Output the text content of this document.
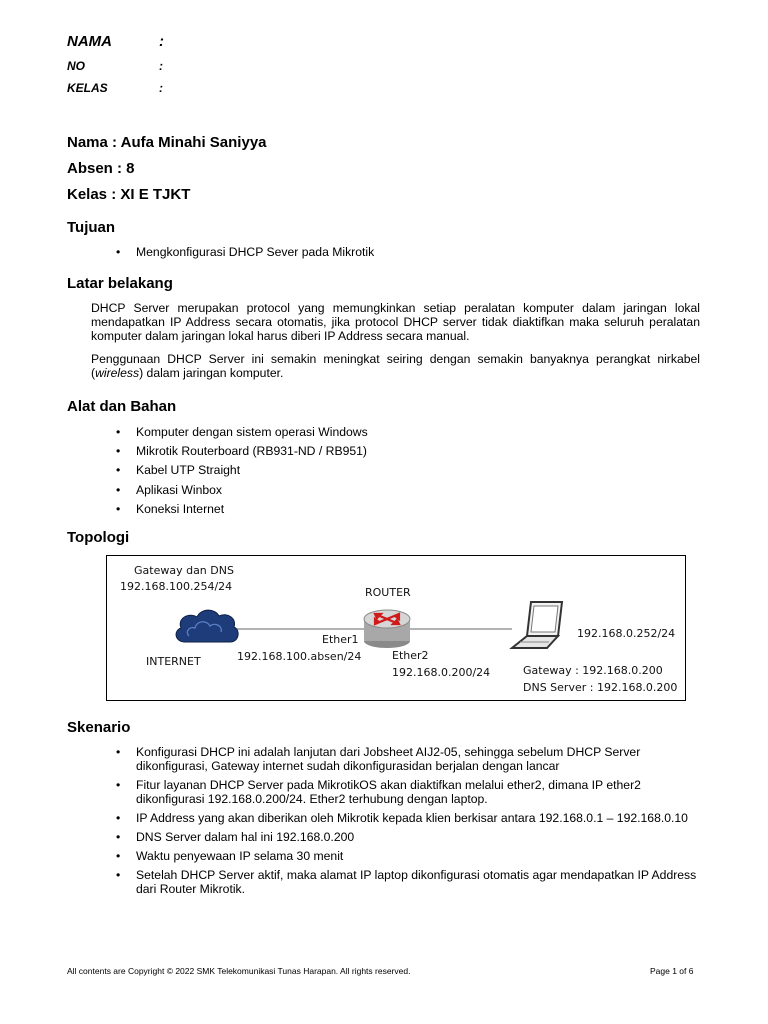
NAMA	:
NO	:
KELAS	:
Nama : Aufa Minahi Saniyya
Absen : 8
Kelas : XI E TJKT
Tujuan
• Mengkonfigurasi DHCP Sever pada Mikrotik
Latar belakang

DHCP Server merupakan protocol yang memungkinkan setiap peralatan komputer dalam jaringan lokal mendapatkan IP Address secara otomatis, jika protocol DHCP server tidak diaktifkan maka seluruh peralatan komputer dalam jaringan lokal harus diberi IP Address secara manual.

Penggunaan DHCP Server ini semakin meningkat seiring dengan semakin banyaknya perangkat nirkabel (wireless) dalam jaringan komputer.

Alat dan Bahan
• Komputer dengan sistem operasi Windows
• Mikrotik Routerboard (RB931-ND / RB951)
• Kabel UTP Straight
• Aplikasi Winbox
• Koneksi Internet
Topologi
Gateway dan DNS
192.168.100.254/24
INTERNET
ROUTER
Ether1
192.168.100.absen/24	Ether2
192.168.0.200/24
192.168.0.252/24
Gateway : 192.168.0.200
DNS Server : 192.168.0.200
Skenario
• Konfigurasi DHCP ini adalah lanjutan dari Jobsheet AIJ2-05, sehingga sebelum DHCP Server dikonfigurasi, Gateway internet sudah dikonfigurasidan berjalan dengan lancar
• Fitur layanan DHCP Server pada MikrotikOS akan diaktifkan melalui ether2, dimana IP ether2 dikonfigurasi 192.168.0.200/24. Ether2 terhubung dengan laptop.
• IP Address yang akan diberikan oleh Mikrotik kepada klien berkisar antara 192.168.0.1 – 192.168.0.10
• DNS Server dalam hal ini 192.168.0.200
• Waktu penyewaan IP selama 30 menit
• Setelah DHCP Server aktif, maka alamat IP laptop dikonfigurasi otomatis agar mendapatkan IP Address dari Router Mikrotik.
All contents are Copyright © 2022 SMK Telekomunikasi Tunas Harapan. All rights reserved.	Page 1 of 6
